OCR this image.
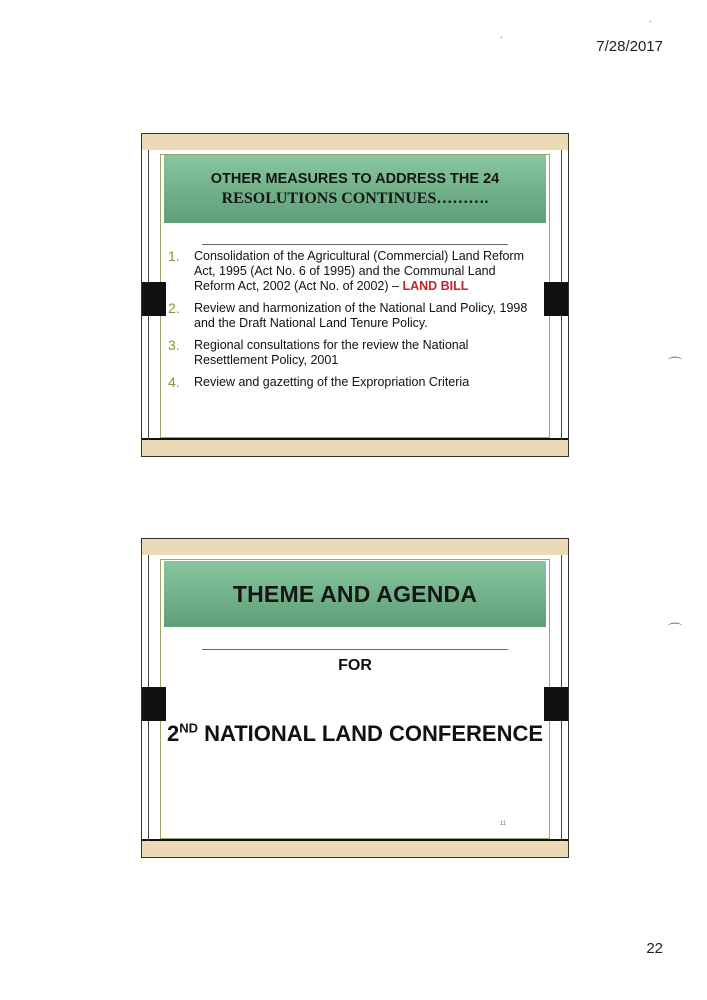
7/28/2017
.
.
⌒
⌒
OTHER MEASURES TO ADDRESS THE 24
RESOLUTIONS CONTINUES……….
1.	Consolidation of the Agricultural (Commercial) Land Reform Act, 1995 (Act No. 6 of 1995) and the Communal Land Reform Act, 2002 (Act No. of 2002) – LAND BILL
2.	Review and harmonization of the National Land Policy, 1998 and the Draft National Land Tenure Policy.
3.	Regional consultations for the review the National Resettlement Policy, 2001
4.	Review and gazetting of the Expropriation Criteria
THEME AND AGENDA
FOR
2ND NATIONAL LAND CONFERENCE
11
22
